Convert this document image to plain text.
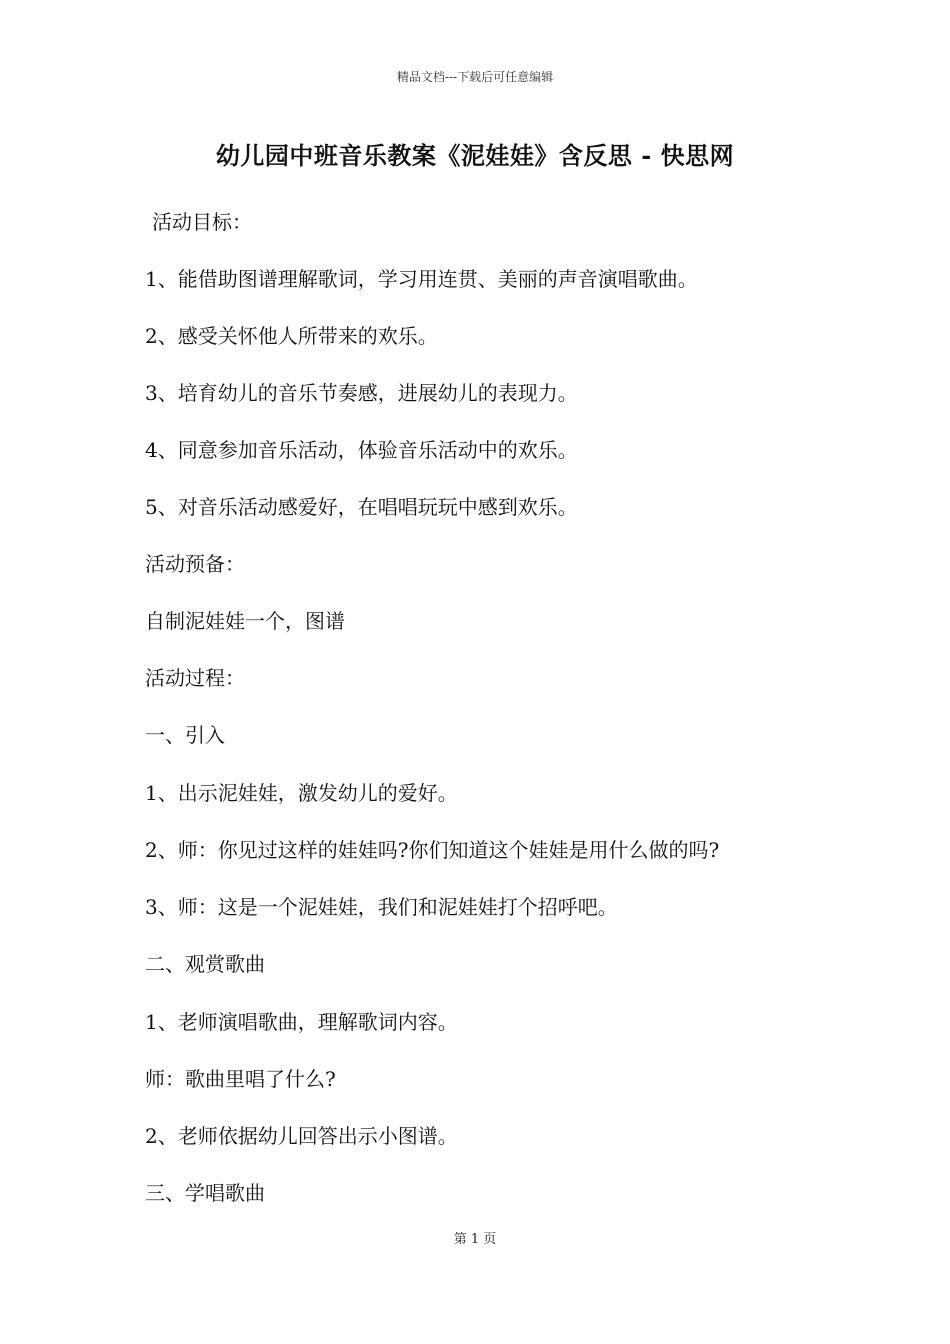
精品文档---下载后可任意编辑
幼儿园中班音乐教案《泥娃娃》含反思 - 快思网

活动目标：

1、能借助图谱理解歌词，学习用连贯、美丽的声音演唱歌曲。

2、感受关怀他人所带来的欢乐。

3、培育幼儿的音乐节奏感，进展幼儿的表现力。

4、同意参加音乐活动，体验音乐活动中的欢乐。

5、对音乐活动感爱好，在唱唱玩玩中感到欢乐。

活动预备：

自制泥娃娃一个，图谱

活动过程：

一、引入

1、出示泥娃娃，激发幼儿的爱好。

2、师：你见过这样的娃娃吗?你们知道这个娃娃是用什么做的吗?

3、师：这是一个泥娃娃，我们和泥娃娃打个招呼吧。

二、观赏歌曲

1、老师演唱歌曲，理解歌词内容。

师：歌曲里唱了什么?

2、老师依据幼儿回答出示小图谱。

三、学唱歌曲

第 1 页
